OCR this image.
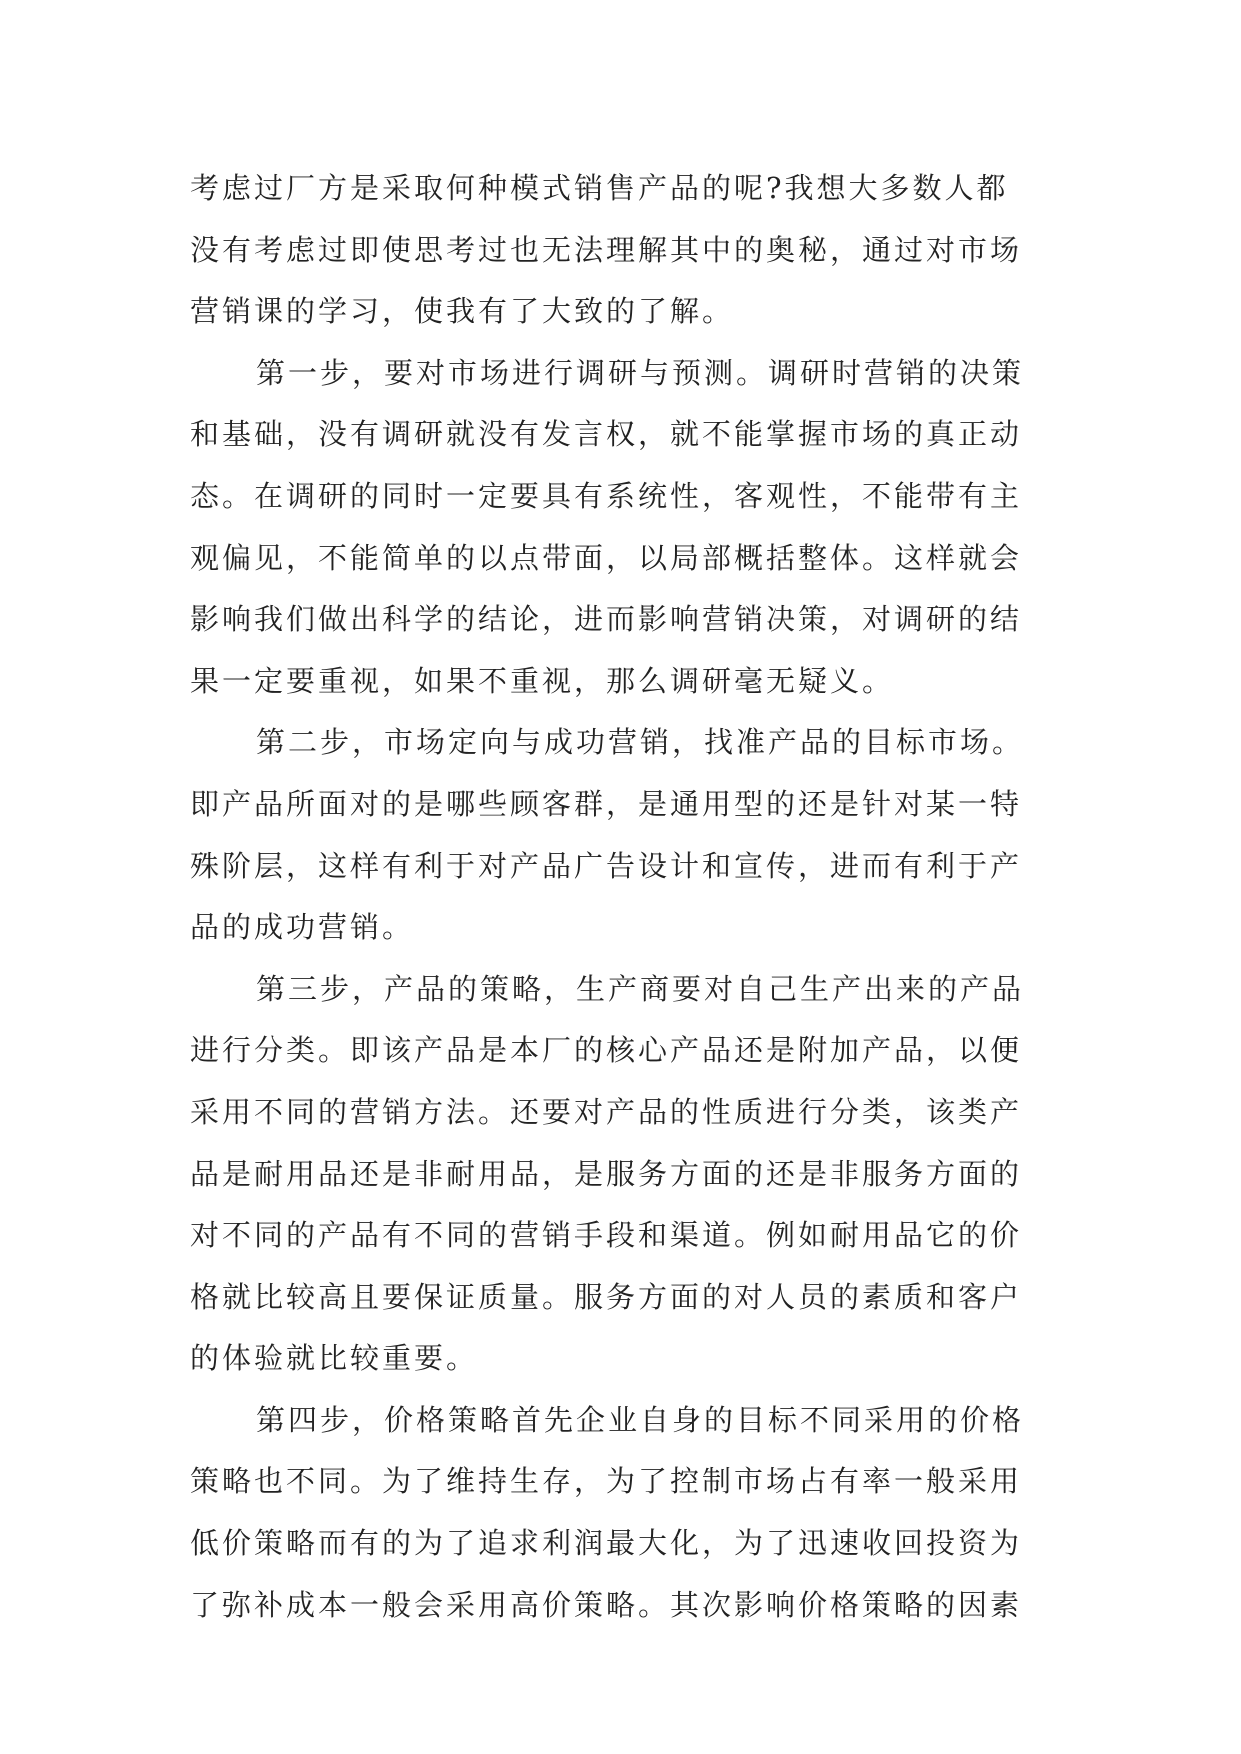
考虑过厂方是采取何种模式销售产品的呢?我想大多数人都
没有考虑过即使思考过也无法理解其中的奥秘，通过对市场
营销课的学习，使我有了大致的了解。
第一步，要对市场进行调研与预测。调研时营销的决策
和基础，没有调研就没有发言权，就不能掌握市场的真正动
态。在调研的同时一定要具有系统性，客观性，不能带有主
观偏见，不能简单的以点带面，以局部概括整体。这样就会
影响我们做出科学的结论，进而影响营销决策，对调研的结
果一定要重视，如果不重视，那么调研毫无疑义。
第二步，市场定向与成功营销，找准产品的目标市场。
即产品所面对的是哪些顾客群，是通用型的还是针对某一特
殊阶层，这样有利于对产品广告设计和宣传，进而有利于产
品的成功营销。
第三步，产品的策略，生产商要对自己生产出来的产品
进行分类。即该产品是本厂的核心产品还是附加产品，以便
采用不同的营销方法。还要对产品的性质进行分类，该类产
品是耐用品还是非耐用品，是服务方面的还是非服务方面的
对不同的产品有不同的营销手段和渠道。例如耐用品它的价
格就比较高且要保证质量。服务方面的对人员的素质和客户
的体验就比较重要。
第四步，价格策略首先企业自身的目标不同采用的价格
策略也不同。为了维持生存，为了控制市场占有率一般采用
低价策略而有的为了追求利润最大化，为了迅速收回投资为
了弥补成本一般会采用高价策略。其次影响价格策略的因素
